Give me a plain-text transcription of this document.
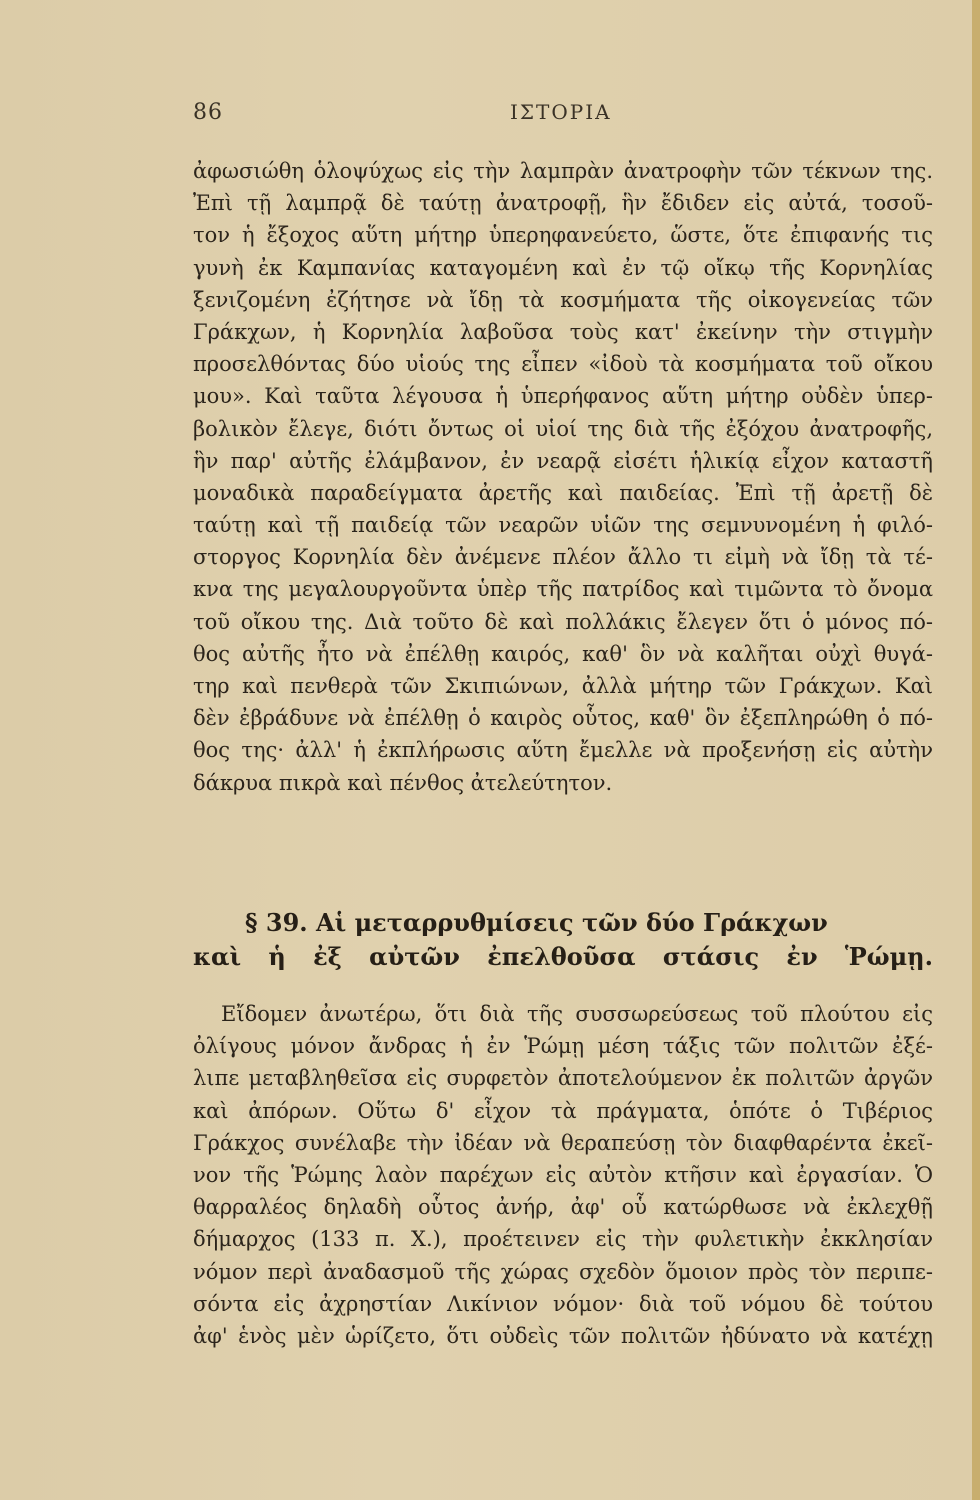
86	ΙΣΤΟΡΙΑ
ἀφωσιώθη ὁλοψύχως εἰς τὴν λαμπρὰν ἀνατροφὴν τῶν τέκνων της.
Ἐπὶ τῇ λαμπρᾷ δὲ ταύτῃ ἀνατροφῇ, ἣν ἔδιδεν εἰς αὐτά, τοσοῦ-
τον ἡ ἔξοχος αὕτη μήτηρ ὑπερηφανεύετο, ὥστε, ὅτε ἐπιφανής τις
γυνὴ ἐκ Καμπανίας καταγομένη καὶ ἐν τῷ οἴκῳ τῆς Κορνηλίας
ξενιζομένη ἐζήτησε νὰ ἴδῃ τὰ κοσμήματα τῆς οἰκογενείας τῶν
Γράκχων, ἡ Κορνηλία λαβοῦσα τοὺς κατ' ἐκείνην τὴν στιγμὴν
προσελθόντας δύο υἱούς της εἶπεν «ἰδοὺ τὰ κοσμήματα τοῦ οἴκου
μου». Καὶ ταῦτα λέγουσα ἡ ὑπερήφανος αὕτη μήτηρ οὐδὲν ὑπερ-
βολικὸν ἔλεγε, διότι ὄντως οἱ υἱοί της διὰ τῆς ἐξόχου ἀνατροφῆς,
ἣν παρ' αὐτῆς ἐλάμβανον, ἐν νεαρᾷ εἰσέτι ἡλικίᾳ εἶχον καταστῆ
μοναδικὰ παραδείγματα ἀρετῆς καὶ παιδείας. Ἐπὶ τῇ ἀρετῇ δὲ
ταύτῃ καὶ τῇ παιδείᾳ τῶν νεαρῶν υἱῶν της σεμνυνομένη ἡ φιλό-
στοργος Κορνηλία δὲν ἀνέμενε πλέον ἄλλο τι εἰμὴ νὰ ἴδῃ τὰ τέ-
κνα της μεγαλουργοῦντα ὑπὲρ τῆς πατρίδος καὶ τιμῶντα τὸ ὄνομα
τοῦ οἴκου της. Διὰ τοῦτο δὲ καὶ πολλάκις ἔλεγεν ὅτι ὁ μόνος πό-
θος αὐτῆς ἦτο νὰ ἐπέλθῃ καιρός, καθ' ὃν νὰ καλῆται οὐχὶ θυγά-
τηρ καὶ πενθερὰ τῶν Σκιπιώνων, ἀλλὰ μήτηρ τῶν Γράκχων. Καὶ
δὲν ἐβράδυνε νὰ ἐπέλθῃ ὁ καιρὸς οὗτος, καθ' ὃν ἐξεπληρώθη ὁ πό-
θος της· ἀλλ' ἡ ἐκπλήρωσις αὕτη ἔμελλε νὰ προξενήσῃ εἰς αὐτὴν
δάκρυα πικρὰ καὶ πένθος ἀτελεύτητον.
§ 39. Αἱ μεταρρυθμίσεις τῶν δύο Γράκχων
καὶ ἡ ἐξ αὐτῶν ἐπελθοῦσα στάσις ἐν Ῥώμῃ.
Εἴδομεν ἀνωτέρω, ὅτι διὰ τῆς συσσωρεύσεως τοῦ πλούτου εἰς
ὀλίγους μόνον ἄνδρας ἡ ἐν Ῥώμῃ μέση τάξις τῶν πολιτῶν ἐξέ-
λιπε μεταβληθεῖσα εἰς συρφετὸν ἀποτελούμενον ἐκ πολιτῶν ἀργῶν
καὶ ἀπόρων. Οὕτω δ' εἶχον τὰ πράγματα, ὁπότε ὁ Τιβέριος
Γράκχος συνέλαβε τὴν ἰδέαν νὰ θεραπεύσῃ τὸν διαφθαρέντα ἐκεῖ-
νον τῆς Ῥώμης λαὸν παρέχων εἰς αὐτὸν κτῆσιν καὶ ἐργασίαν. Ὁ
θαρραλέος δηλαδὴ οὗτος ἀνήρ, ἀφ' οὗ κατώρθωσε νὰ ἐκλεχθῇ
δήμαρχος (133 π. Χ.), προέτεινεν εἰς τὴν φυλετικὴν ἐκκλησίαν
νόμον περὶ ἀναδασμοῦ τῆς χώρας σχεδὸν ὅμοιον πρὸς τὸν περιπε-
σόντα εἰς ἀχρηστίαν Λικίνιον νόμον· διὰ τοῦ νόμου δὲ τούτου
ἀφ' ἑνὸς μὲν ὡρίζετο, ὅτι οὐδεὶς τῶν πολιτῶν ἠδύνατο νὰ κατέχῃ
